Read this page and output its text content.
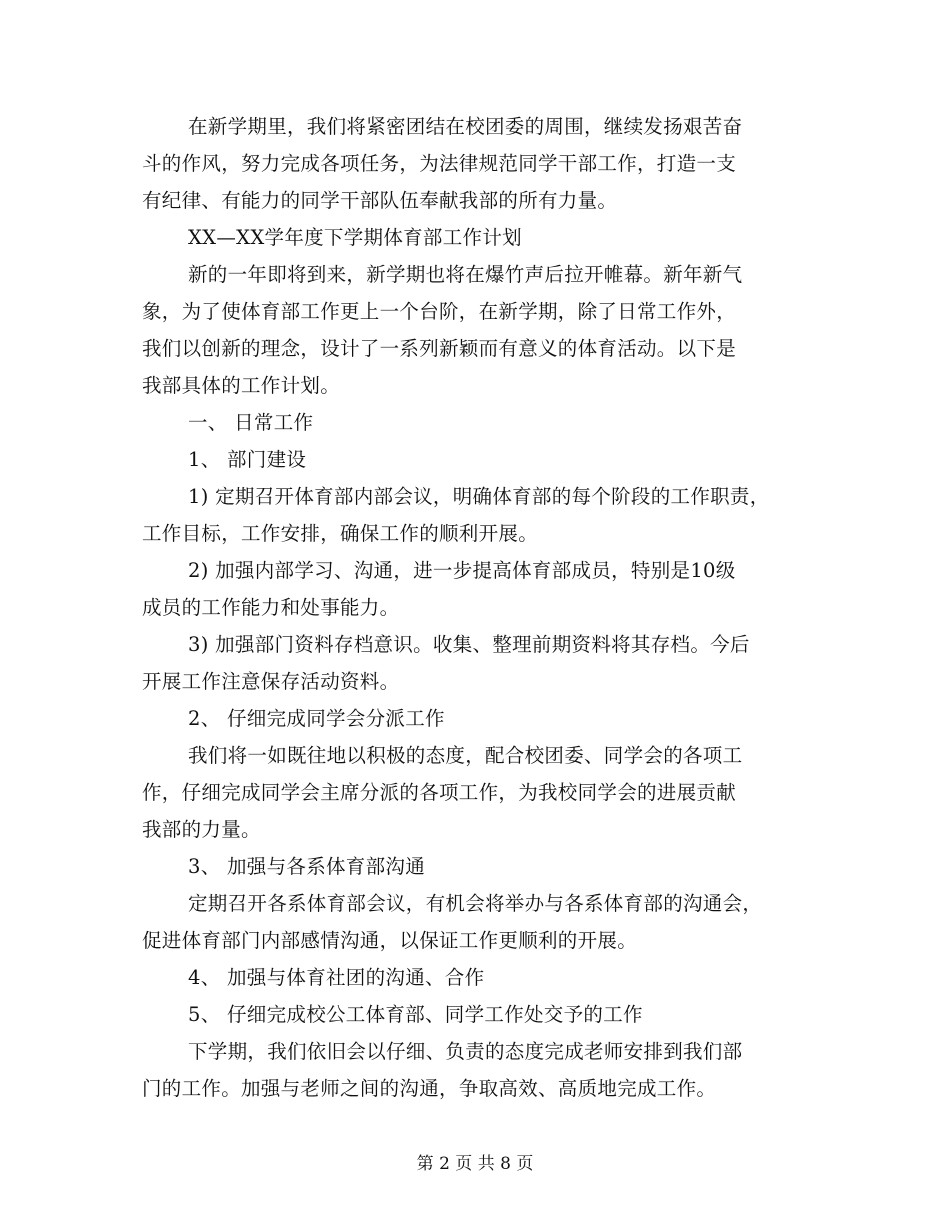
在新学期里，我们将紧密团结在校团委的周围，继续发扬艰苦奋
斗的作风，努力完成各项任务，为法律规范同学干部工作，打造一支
有纪律、有能力的同学干部队伍奉献我部的所有力量。
XX—XX学年度下学期体育部工作计划
新的一年即将到来，新学期也将在爆竹声后拉开帷幕。新年新气
象，为了使体育部工作更上一个台阶，在新学期，除了日常工作外，
我们以创新的理念，设计了一系列新颖而有意义的体育活动。以下是
我部具体的工作计划。
一、 日常工作
1、 部门建设
1) 定期召开体育部内部会议，明确体育部的每个阶段的工作职责，
工作目标，工作安排，确保工作的顺利开展。
2) 加强内部学习、沟通，进一步提高体育部成员，特别是10级
成员的工作能力和处事能力。
3) 加强部门资料存档意识。收集、整理前期资料将其存档。今后
开展工作注意保存活动资料。
2、 仔细完成同学会分派工作
我们将一如既往地以积极的态度，配合校团委、同学会的各项工
作，仔细完成同学会主席分派的各项工作，为我校同学会的进展贡献
我部的力量。
3、 加强与各系体育部沟通
定期召开各系体育部会议，有机会将举办与各系体育部的沟通会，
促进体育部门内部感情沟通，以保证工作更顺利的开展。
4、 加强与体育社团的沟通、合作
5、 仔细完成校公工体育部、同学工作处交予的工作
下学期，我们依旧会以仔细、负责的态度完成老师安排到我们部
门的工作。加强与老师之间的沟通，争取高效、高质地完成工作。
第 2 页 共 8 页
